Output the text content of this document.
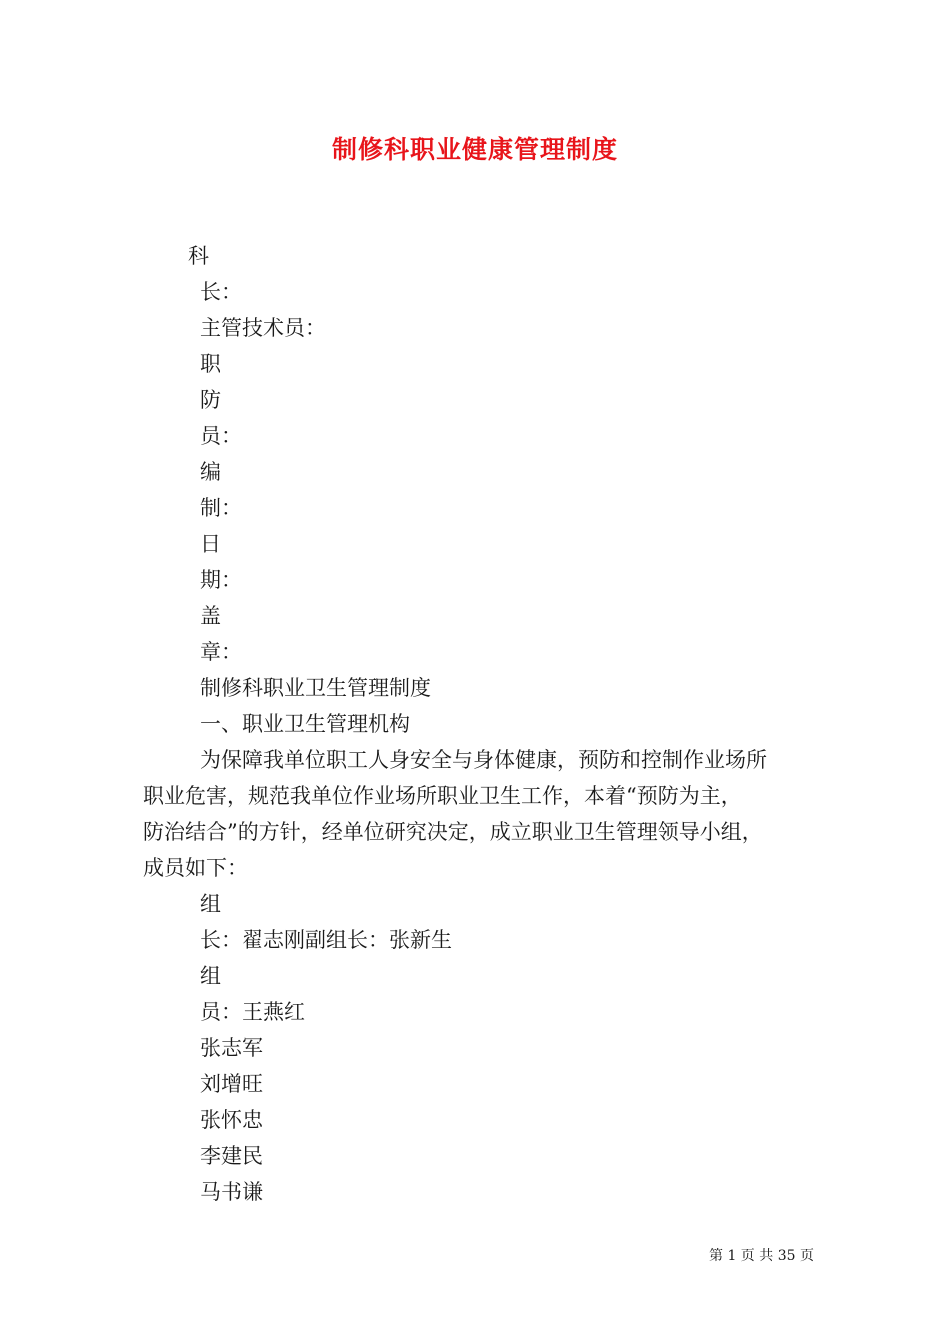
制修科职业健康管理制度
科
长：
主管技术员：
职
防
员：
编
制：
日
期：
盖
章：
制修科职业卫生管理制度
一、职业卫生管理机构
为保障我单位职工人身安全与身体健康，预防和控制作业场所
职业危害，规范我单位作业场所职业卫生工作，本着“预防为主，
防治结合”的方针，经单位研究决定，成立职业卫生管理领导小组，
成员如下：
组
长：翟志刚副组长：张新生
组
员：王燕红
张志军
刘增旺
张怀忠
李建民
马书谦
第 1 页 共 35 页
